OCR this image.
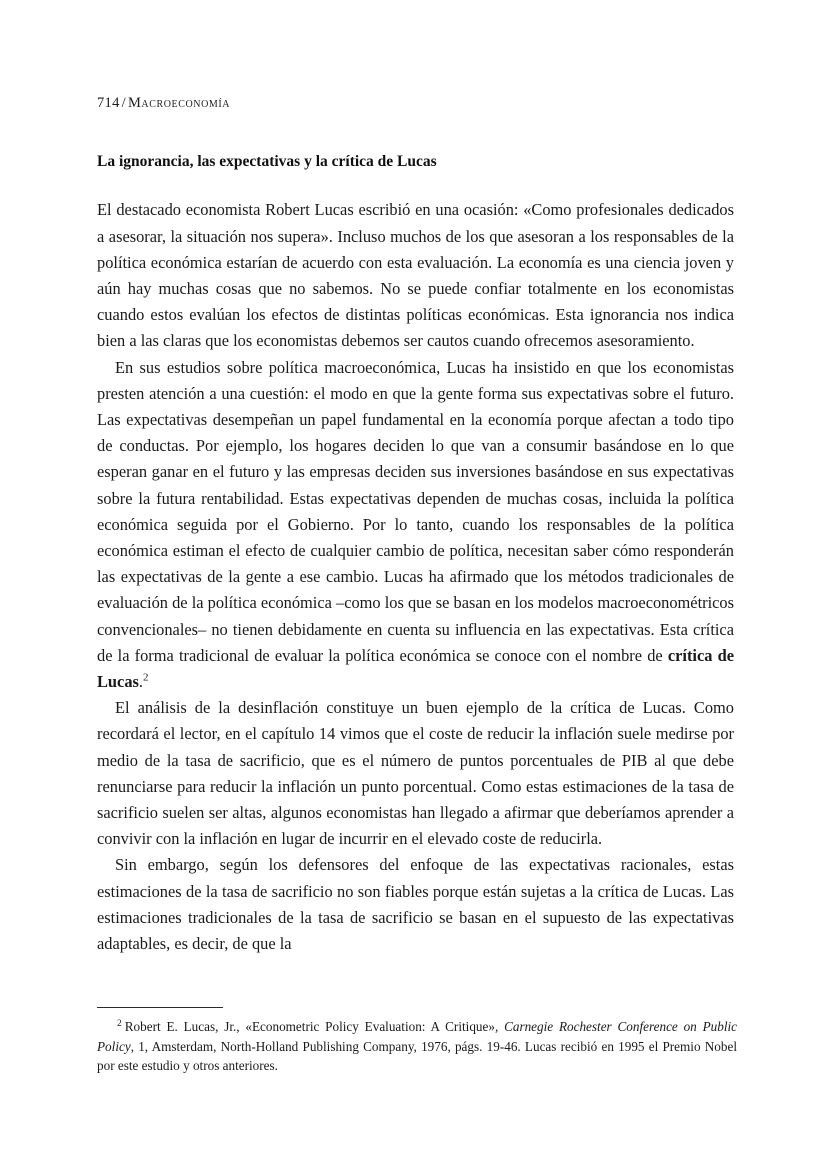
714 / Macroeconomía
La ignorancia, las expectativas y la crítica de Lucas

El destacado economista Robert Lucas escribió en una ocasión: «Como profesionales dedicados a asesorar, la situación nos supera». Incluso muchos de los que asesoran a los responsables de la política económica estarían de acuerdo con esta evaluación. La economía es una ciencia joven y aún hay muchas cosas que no sabemos. No se puede confiar totalmente en los economistas cuando estos evalúan los efectos de distintas políticas económicas. Esta ignorancia nos indica bien a las claras que los economistas debemos ser cautos cuando ofrecemos asesoramiento.

En sus estudios sobre política macroeconómica, Lucas ha insistido en que los economistas presten atención a una cuestión: el modo en que la gente forma sus expectativas sobre el futuro. Las expectativas desempeñan un papel fundamental en la economía porque afectan a todo tipo de conductas. Por ejemplo, los hogares deciden lo que van a consumir basándose en lo que esperan ganar en el futuro y las empresas deciden sus inversiones basándose en sus expectativas sobre la futura rentabilidad. Estas expectativas dependen de muchas cosas, incluida la política económica seguida por el Gobierno. Por lo tanto, cuando los responsables de la política económica estiman el efecto de cualquier cambio de política, necesitan saber cómo responderán las expectativas de la gente a ese cambio. Lucas ha afirmado que los métodos tradicionales de evaluación de la política económica –como los que se basan en los modelos macroeconométricos convencionales– no tienen debidamente en cuenta su influencia en las expectativas. Esta crítica de la forma tradicional de evaluar la política económica se conoce con el nombre de crítica de Lucas.$^2$

El análisis de la desinflación constituye un buen ejemplo de la crítica de Lucas. Como recordará el lector, en el capítulo 14 vimos que el coste de reducir la inflación suele medirse por medio de la tasa de sacrificio, que es el número de puntos porcentuales de PIB al que debe renunciarse para reducir la inflación un punto porcentual. Como estas estimaciones de la tasa de sacrificio suelen ser altas, algunos economistas han llegado a afirmar que deberíamos aprender a convivir con la inflación en lugar de incurrir en el elevado coste de reducirla.

Sin embargo, según los defensores del enfoque de las expectativas racionales, estas estimaciones de la tasa de sacrificio no son fiables porque están sujetas a la crítica de Lucas. Las estimaciones tradicionales de la tasa de sacrificio se basan en el supuesto de las expectativas adaptables, es decir, de que la

$^2$ Robert E. Lucas, Jr., «Econometric Policy Evaluation: A Critique», Carnegie Rochester Conference on Public Policy, 1, Amsterdam, North-Holland Publishing Company, 1976, págs. 19-46. Lucas recibió en 1995 el Premio Nobel por este estudio y otros anteriores.
